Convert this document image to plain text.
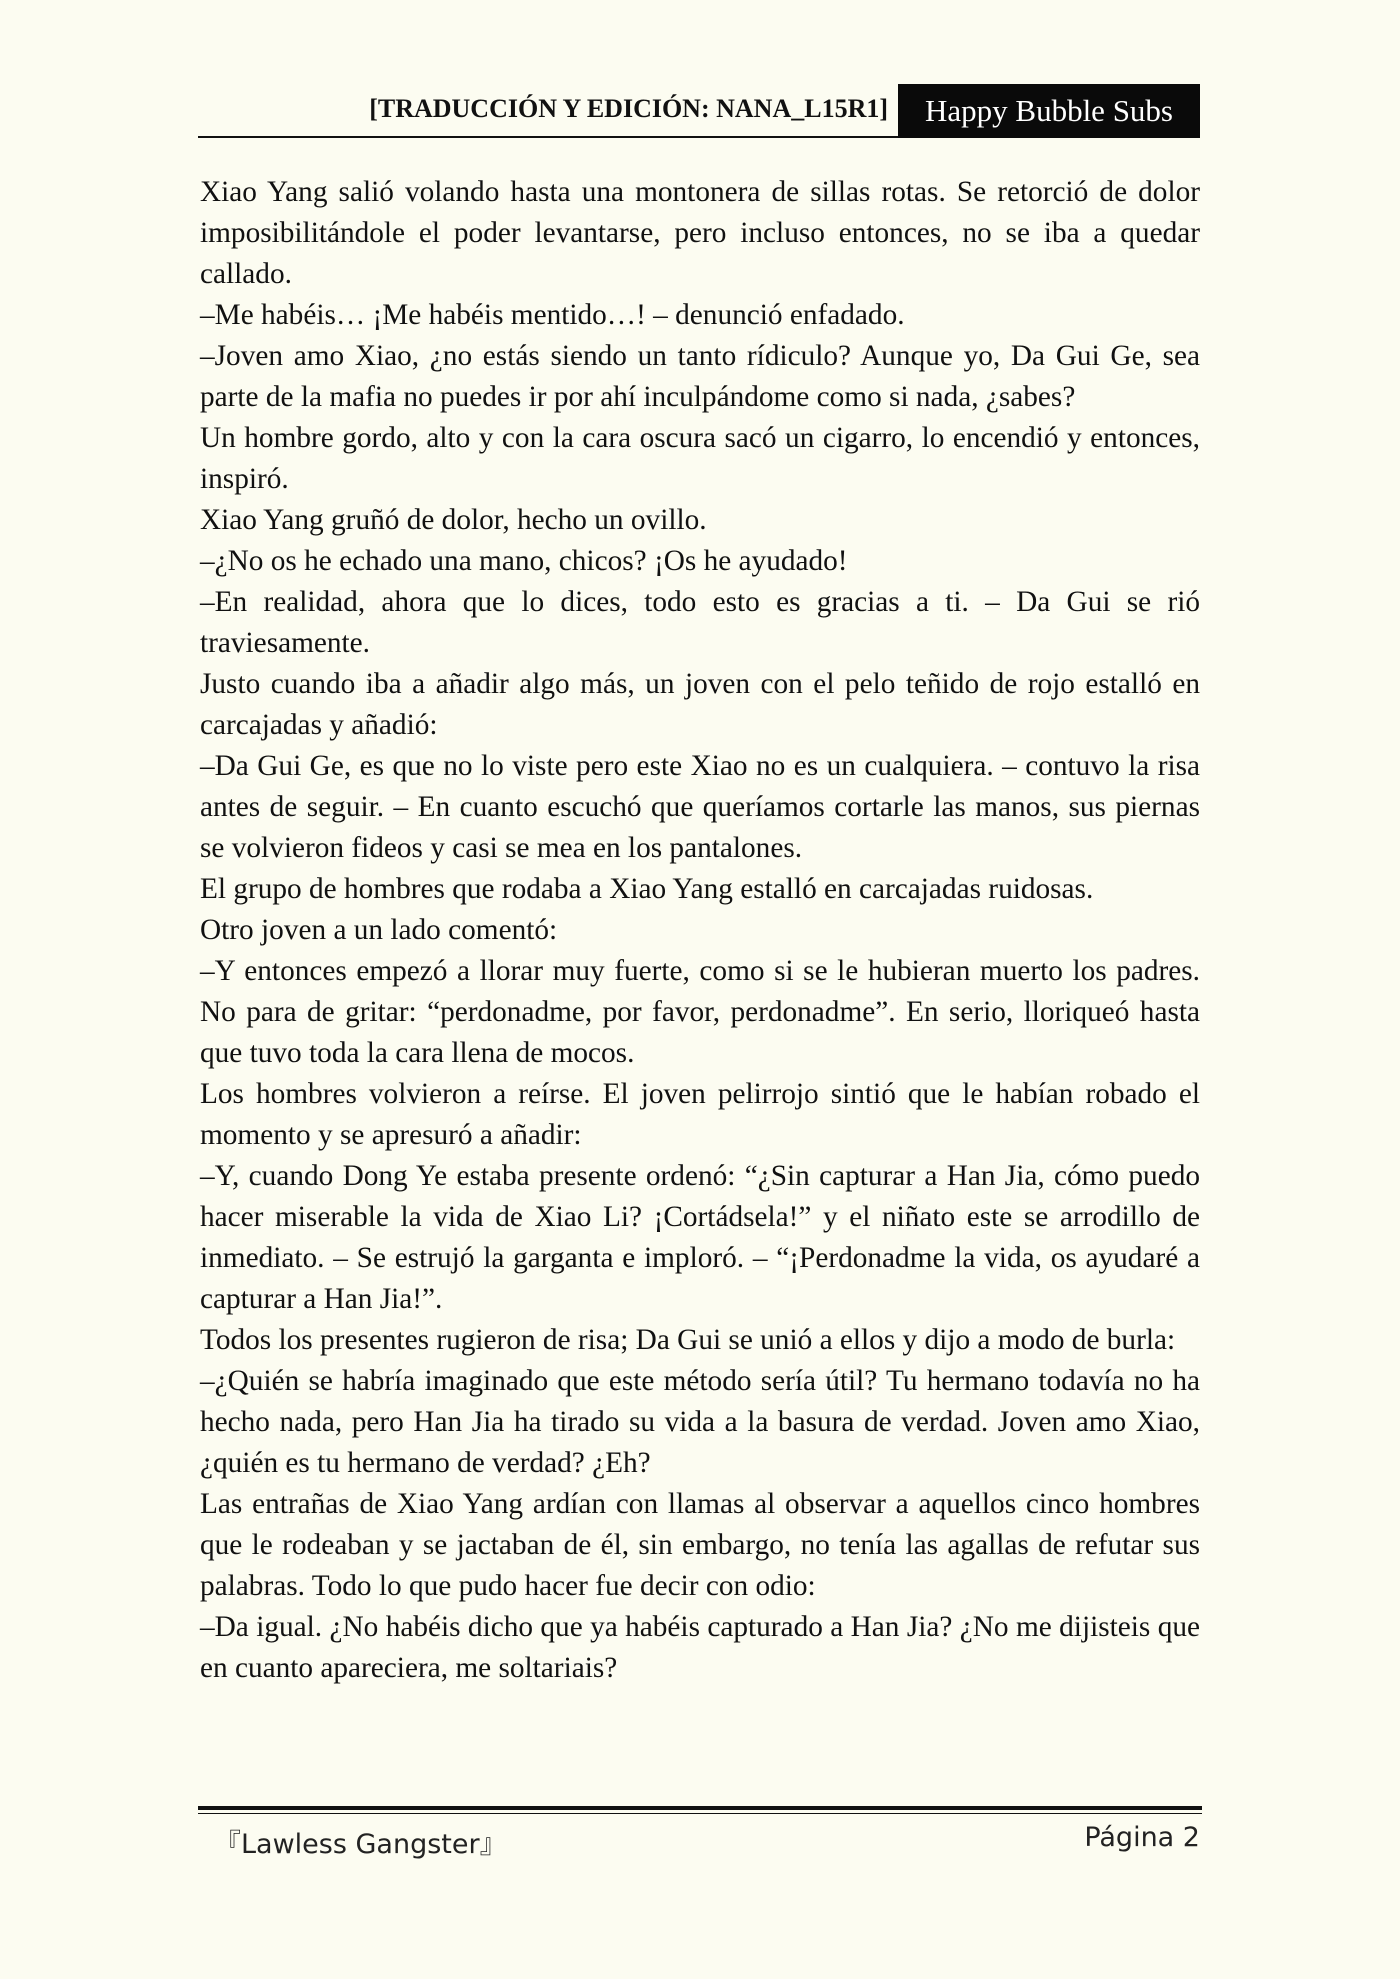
[TRADUCCIÓN Y EDICIÓN: NANA_L15R1]	Happy Bubble Subs

Xiao Yang salió volando hasta una montonera de sillas rotas. Se retorció de dolor imposibilitándole el poder levantarse, pero incluso entonces, no se iba a quedar callado.

–Me habéis… ¡Me habéis mentido…! – denunció enfadado.

–Joven amo Xiao, ¿no estás siendo un tanto rídiculo? Aunque yo, Da Gui Ge, sea parte de la mafia no puedes ir por ahí inculpándome como si nada, ¿sabes?

Un hombre gordo, alto y con la cara oscura sacó un cigarro, lo encendió y entonces, inspiró.

Xiao Yang gruñó de dolor, hecho un ovillo.

–¿No os he echado una mano, chicos? ¡Os he ayudado!

–En realidad, ahora que lo dices, todo esto es gracias a ti. – Da Gui se rió traviesamente.

Justo cuando iba a añadir algo más, un joven con el pelo teñido de rojo estalló en carcajadas y añadió:

–Da Gui Ge, es que no lo viste pero este Xiao no es un cualquiera. – contuvo la risa antes de seguir. – En cuanto escuchó que queríamos cortarle las manos, sus piernas se volvieron fideos y casi se mea en los pantalones.

El grupo de hombres que rodaba a Xiao Yang estalló en carcajadas ruidosas.

Otro joven a un lado comentó:

–Y entonces empezó a llorar muy fuerte, como si se le hubieran muerto los padres. No para de gritar: “perdonadme, por favor, perdonadme”. En serio, lloriqueó hasta que tuvo toda la cara llena de mocos.

Los hombres volvieron a reírse. El joven pelirrojo sintió que le habían robado el momento y se apresuró a añadir:

–Y, cuando Dong Ye estaba presente ordenó: “¿Sin capturar a Han Jia, cómo puedo hacer miserable la vida de Xiao Li? ¡Cortádsela!” y el niñato este se arrodillo de inmediato. – Se estrujó la garganta e imploró. – “¡Perdonadme la vida, os ayudaré a capturar a Han Jia!”.

Todos los presentes rugieron de risa; Da Gui se unió a ellos y dijo a modo de burla:

–¿Quién se habría imaginado que este método sería útil? Tu hermano todavía no ha hecho nada, pero Han Jia ha tirado su vida a la basura de verdad. Joven amo Xiao, ¿quién es tu hermano de verdad? ¿Eh?

Las entrañas de Xiao Yang ardían con llamas al observar a aquellos cinco hombres que le rodeaban y se jactaban de él, sin embargo, no tenía las agallas de refutar sus palabras. Todo lo que pudo hacer fue decir con odio:

–Da igual. ¿No habéis dicho que ya habéis capturado a Han Jia? ¿No me dijisteis que en cuanto apareciera, me soltariais?

『Lawless Gangster』	Página 2
